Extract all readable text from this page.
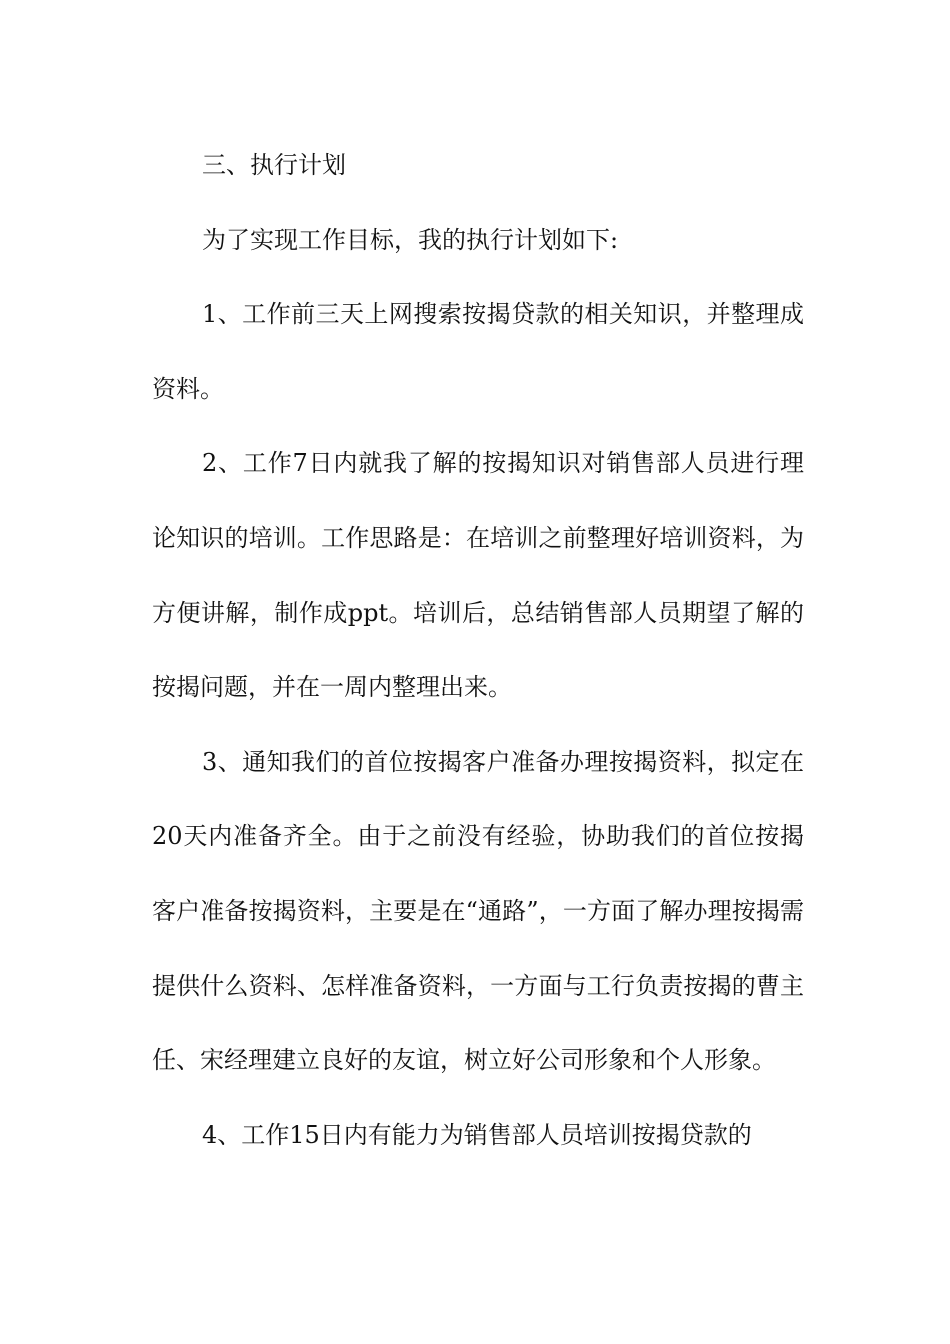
三、执行计划

为了实现工作目标，我的执行计划如下:

1、工作前三天上网搜索按揭贷款的相关知识，并整理成资料。

2、工作7日内就我了解的按揭知识对销售部人员进行理论知识的培训。工作思路是：在培训之前整理好培训资料，为方便讲解，制作成ppt。培训后，总结销售部人员期望了解的按揭问题，并在一周内整理出来。

3、通知我们的首位按揭客户准备办理按揭资料，拟定在20天内准备齐全。由于之前没有经验，协助我们的首位按揭客户准备按揭资料，主要是在“通路”，一方面了解办理按揭需提供什么资料、怎样准备资料，一方面与工行负责按揭的曹主任、宋经理建立良好的友谊，树立好公司形象和个人形象。

4、工作15日内有能力为销售部人员培训按揭贷款的
